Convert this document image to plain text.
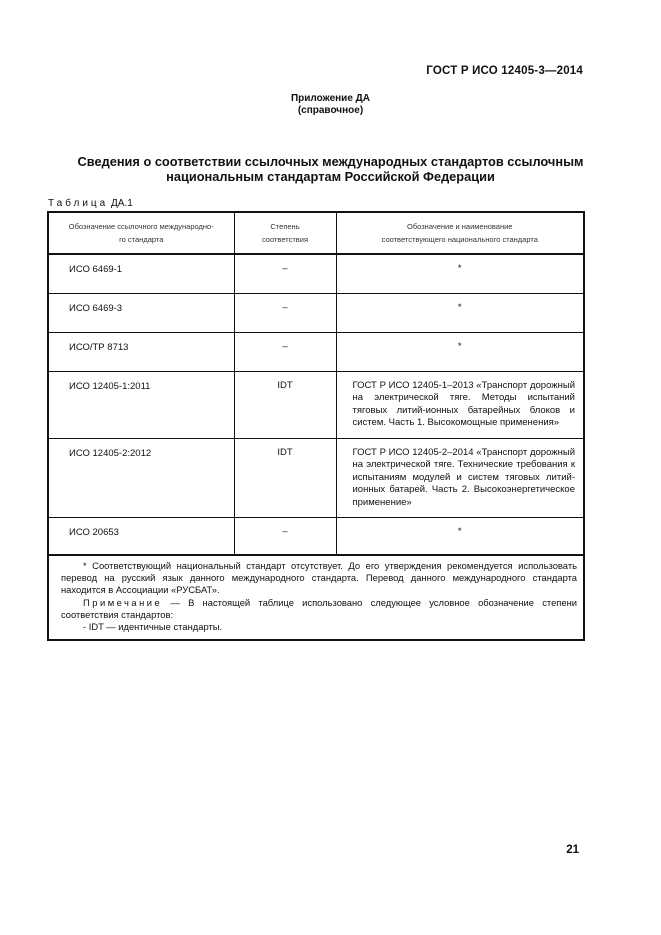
ГОСТ Р ИСО 12405-3—2014
Приложение ДА
(справочное)
Сведения о соответствии ссылочных международных стандартов ссылочным
национальным стандартам Российской Федерации
Таблица ДА.1
Обозначение ссылочного международно-
го стандарта	Степень
соответствия	Обозначение и наименование
соответствующего национального стандарта
ИСО 6469-1	–	*
ИСО 6469-3	–	*
ИСО/ТР 8713	–	*
ИСО 12405-1:2011	IDT	ГОСТ Р ИСО 12405-1–2013 «Транспорт дорожный на электрической тяге. Методы испытаний тяговых литий-ионных батарейных блоков и систем. Часть 1. Высокомощные применения»
ИСО 12405-2:2012	IDT	ГОСТ Р ИСО 12405-2–2014 «Транспорт дорожный на электрической тяге. Технические требования к испытаниям модулей и систем тяговых литий-ионных батарей. Часть 2. Высокоэнергетическое применение»
ИСО 20653	–	*

* Соответствующий национальный стандарт отсутствует. До его утверждения рекомендуется использовать перевод на русский язык данного международного стандарта. Перевод данного международного стандарта находится в Ассоциации «РУСБАТ».

Примечание — В настоящей таблице использовано следующее условное обозначение степени соответствия стандартов:

- IDT — идентичные стандарты.		

21
